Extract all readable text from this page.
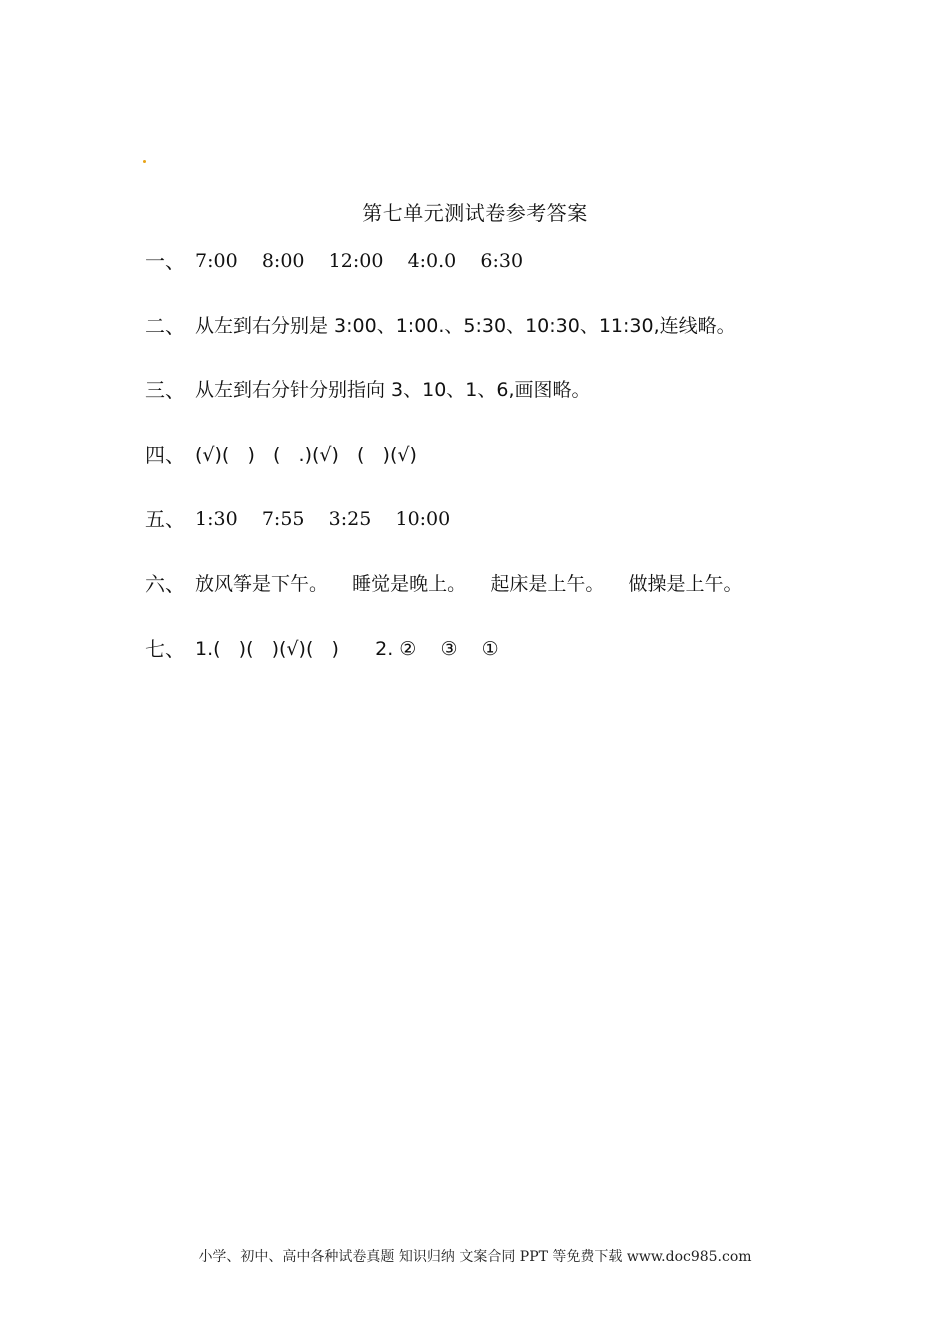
第七单元测试卷参考答案
一、 7:00    8:00    12:00    4:0.0    6:30
二、 从左到右分别是 3:00、1:00.、5:30、10:30、11:30,连线略。
三、 从左到右分针分别指向 3、10、1、6,画图略。
四、 (√)(   )   (   .)(√)   (   )(√)
五、 1:30    7:55    3:25    10:00
六、 放风筝是下午。    睡觉是晚上。    起床是上午。    做操是上午。
七、 1.(   )(   )(√)(   )      2. ②    ③    ①
小学、初中、高中各种试卷真题 知识归纳 文案合同 PPT 等免费下载 www.doc985.com
